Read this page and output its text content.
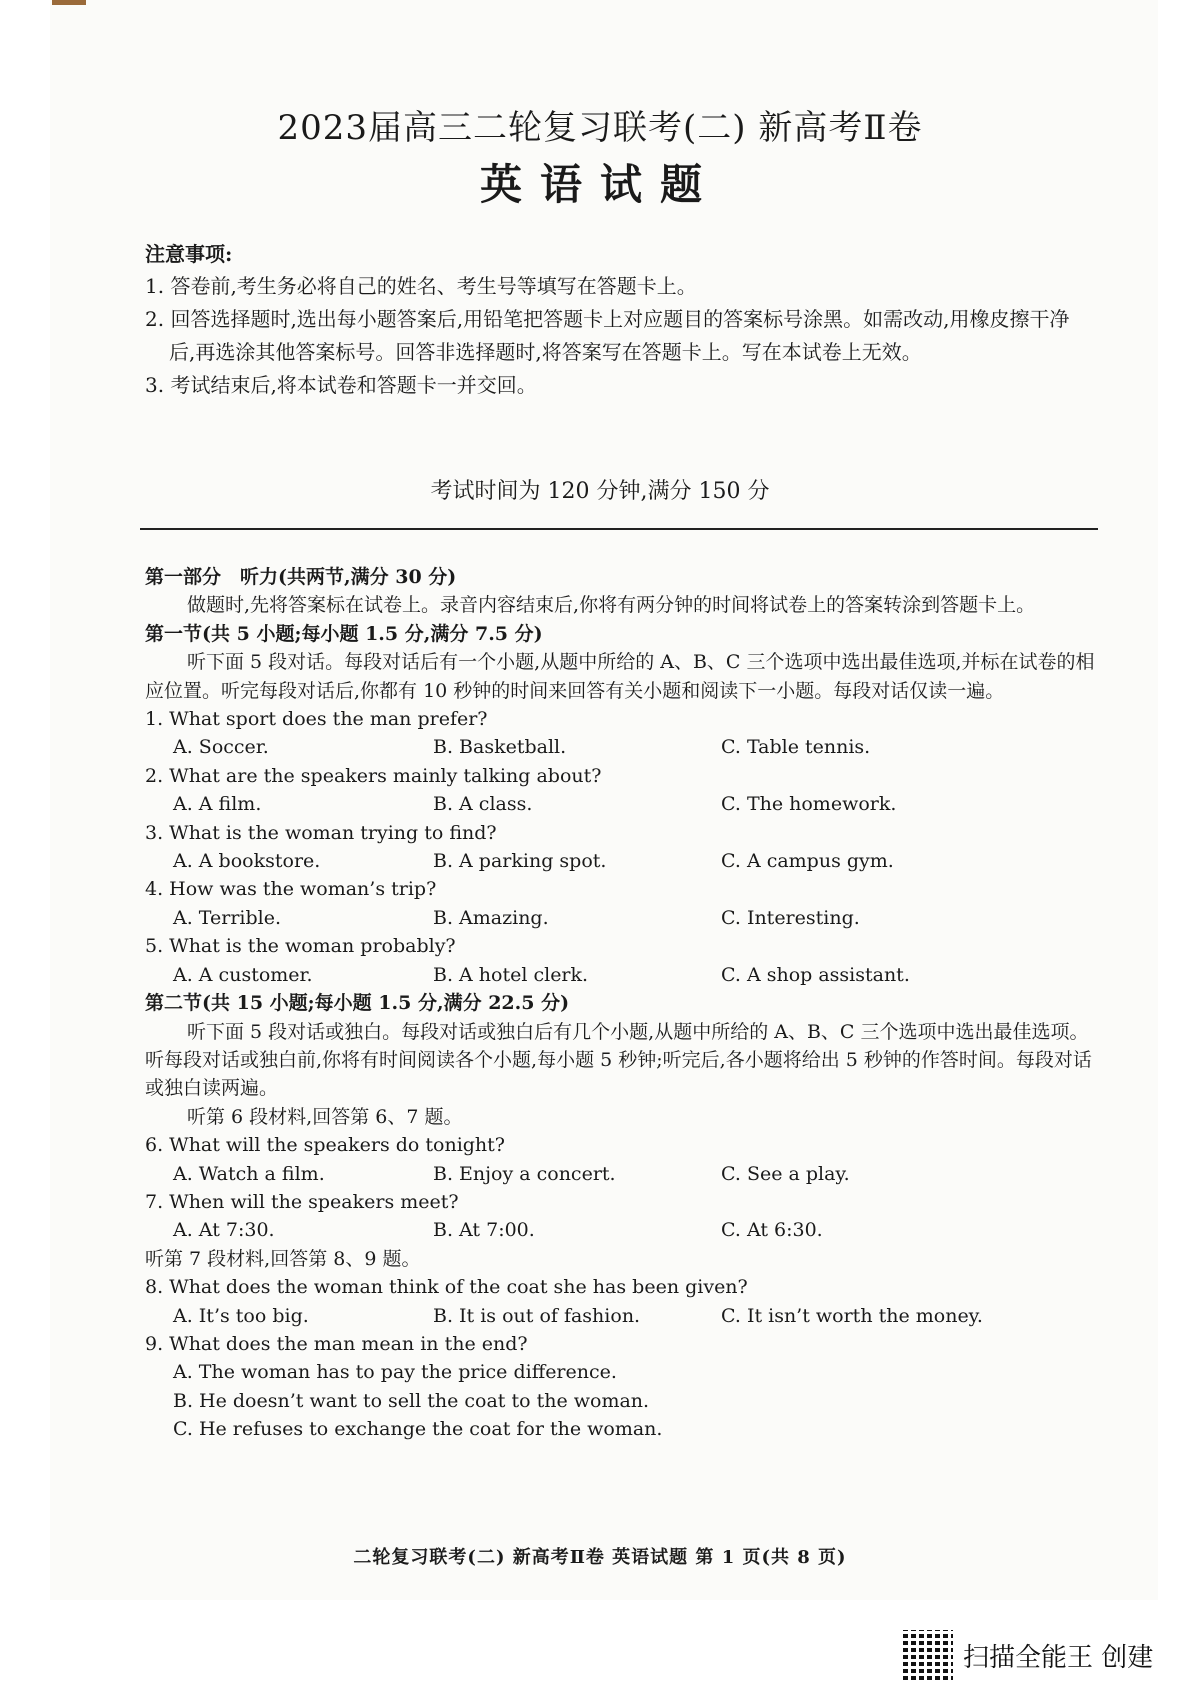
2023届高三二轮复习联考(二) 新高考Ⅱ卷
英语试题
注意事项:
1. 答卷前,考生务必将自己的姓名、考生号等填写在答题卡上。
2. 回答选择题时,选出每小题答案后,用铅笔把答题卡上对应题目的答案标号涂黑。如需改动,用橡皮擦干净后,再选涂其他答案标号。回答非选择题时,将答案写在答题卡上。写在本试卷上无效。
3. 考试结束后,将本试卷和答题卡一并交回。
考试时间为 120 分钟,满分 150 分
第一部分　听力(共两节,满分 30 分)
做题时,先将答案标在试卷上。录音内容结束后,你将有两分钟的时间将试卷上的答案转涂到答题卡上。
第一节(共 5 小题;每小题 1.5 分,满分 7.5 分)
听下面 5 段对话。每段对话后有一个小题,从题中所给的 A、B、C 三个选项中选出最佳选项,并标在试卷的相应位置。听完每段对话后,你都有 10 秒钟的时间来回答有关小题和阅读下一小题。每段对话仅读一遍。
1. What sport does the man prefer?
A. Soccer.	B. Basketball.	C. Table tennis.
2. What are the speakers mainly talking about?
A. A film.	B. A class.	C. The homework.
3. What is the woman trying to find?
A. A bookstore.	B. A parking spot.	C. A campus gym.
4. How was the woman’s trip?
A. Terrible.	B. Amazing.	C. Interesting.
5. What is the woman probably?
A. A customer.	B. A hotel clerk.	C. A shop assistant.
第二节(共 15 小题;每小题 1.5 分,满分 22.5 分)
听下面 5 段对话或独白。每段对话或独白后有几个小题,从题中所给的 A、B、C 三个选项中选出最佳选项。听每段对话或独白前,你将有时间阅读各个小题,每小题 5 秒钟;听完后,各小题将给出 5 秒钟的作答时间。每段对话或独白读两遍。
听第 6 段材料,回答第 6、7 题。
6. What will the speakers do tonight?
A. Watch a film.	B. Enjoy a concert.	C. See a play.
7. When will the speakers meet?
A. At 7:30.	B. At 7:00.	C. At 6:30.
听第 7 段材料,回答第 8、9 题。
8. What does the woman think of the coat she has been given?
A. It’s too big.	B. It is out of fashion.	C. It isn’t worth the money.
9. What does the man mean in the end?
A. The woman has to pay the price difference.
B. He doesn’t want to sell the coat to the woman.
C. He refuses to exchange the coat for the woman.
二轮复习联考(二) 新高考Ⅱ卷 英语试题 第 1 页(共 8 页)
扫描全能王 创建
